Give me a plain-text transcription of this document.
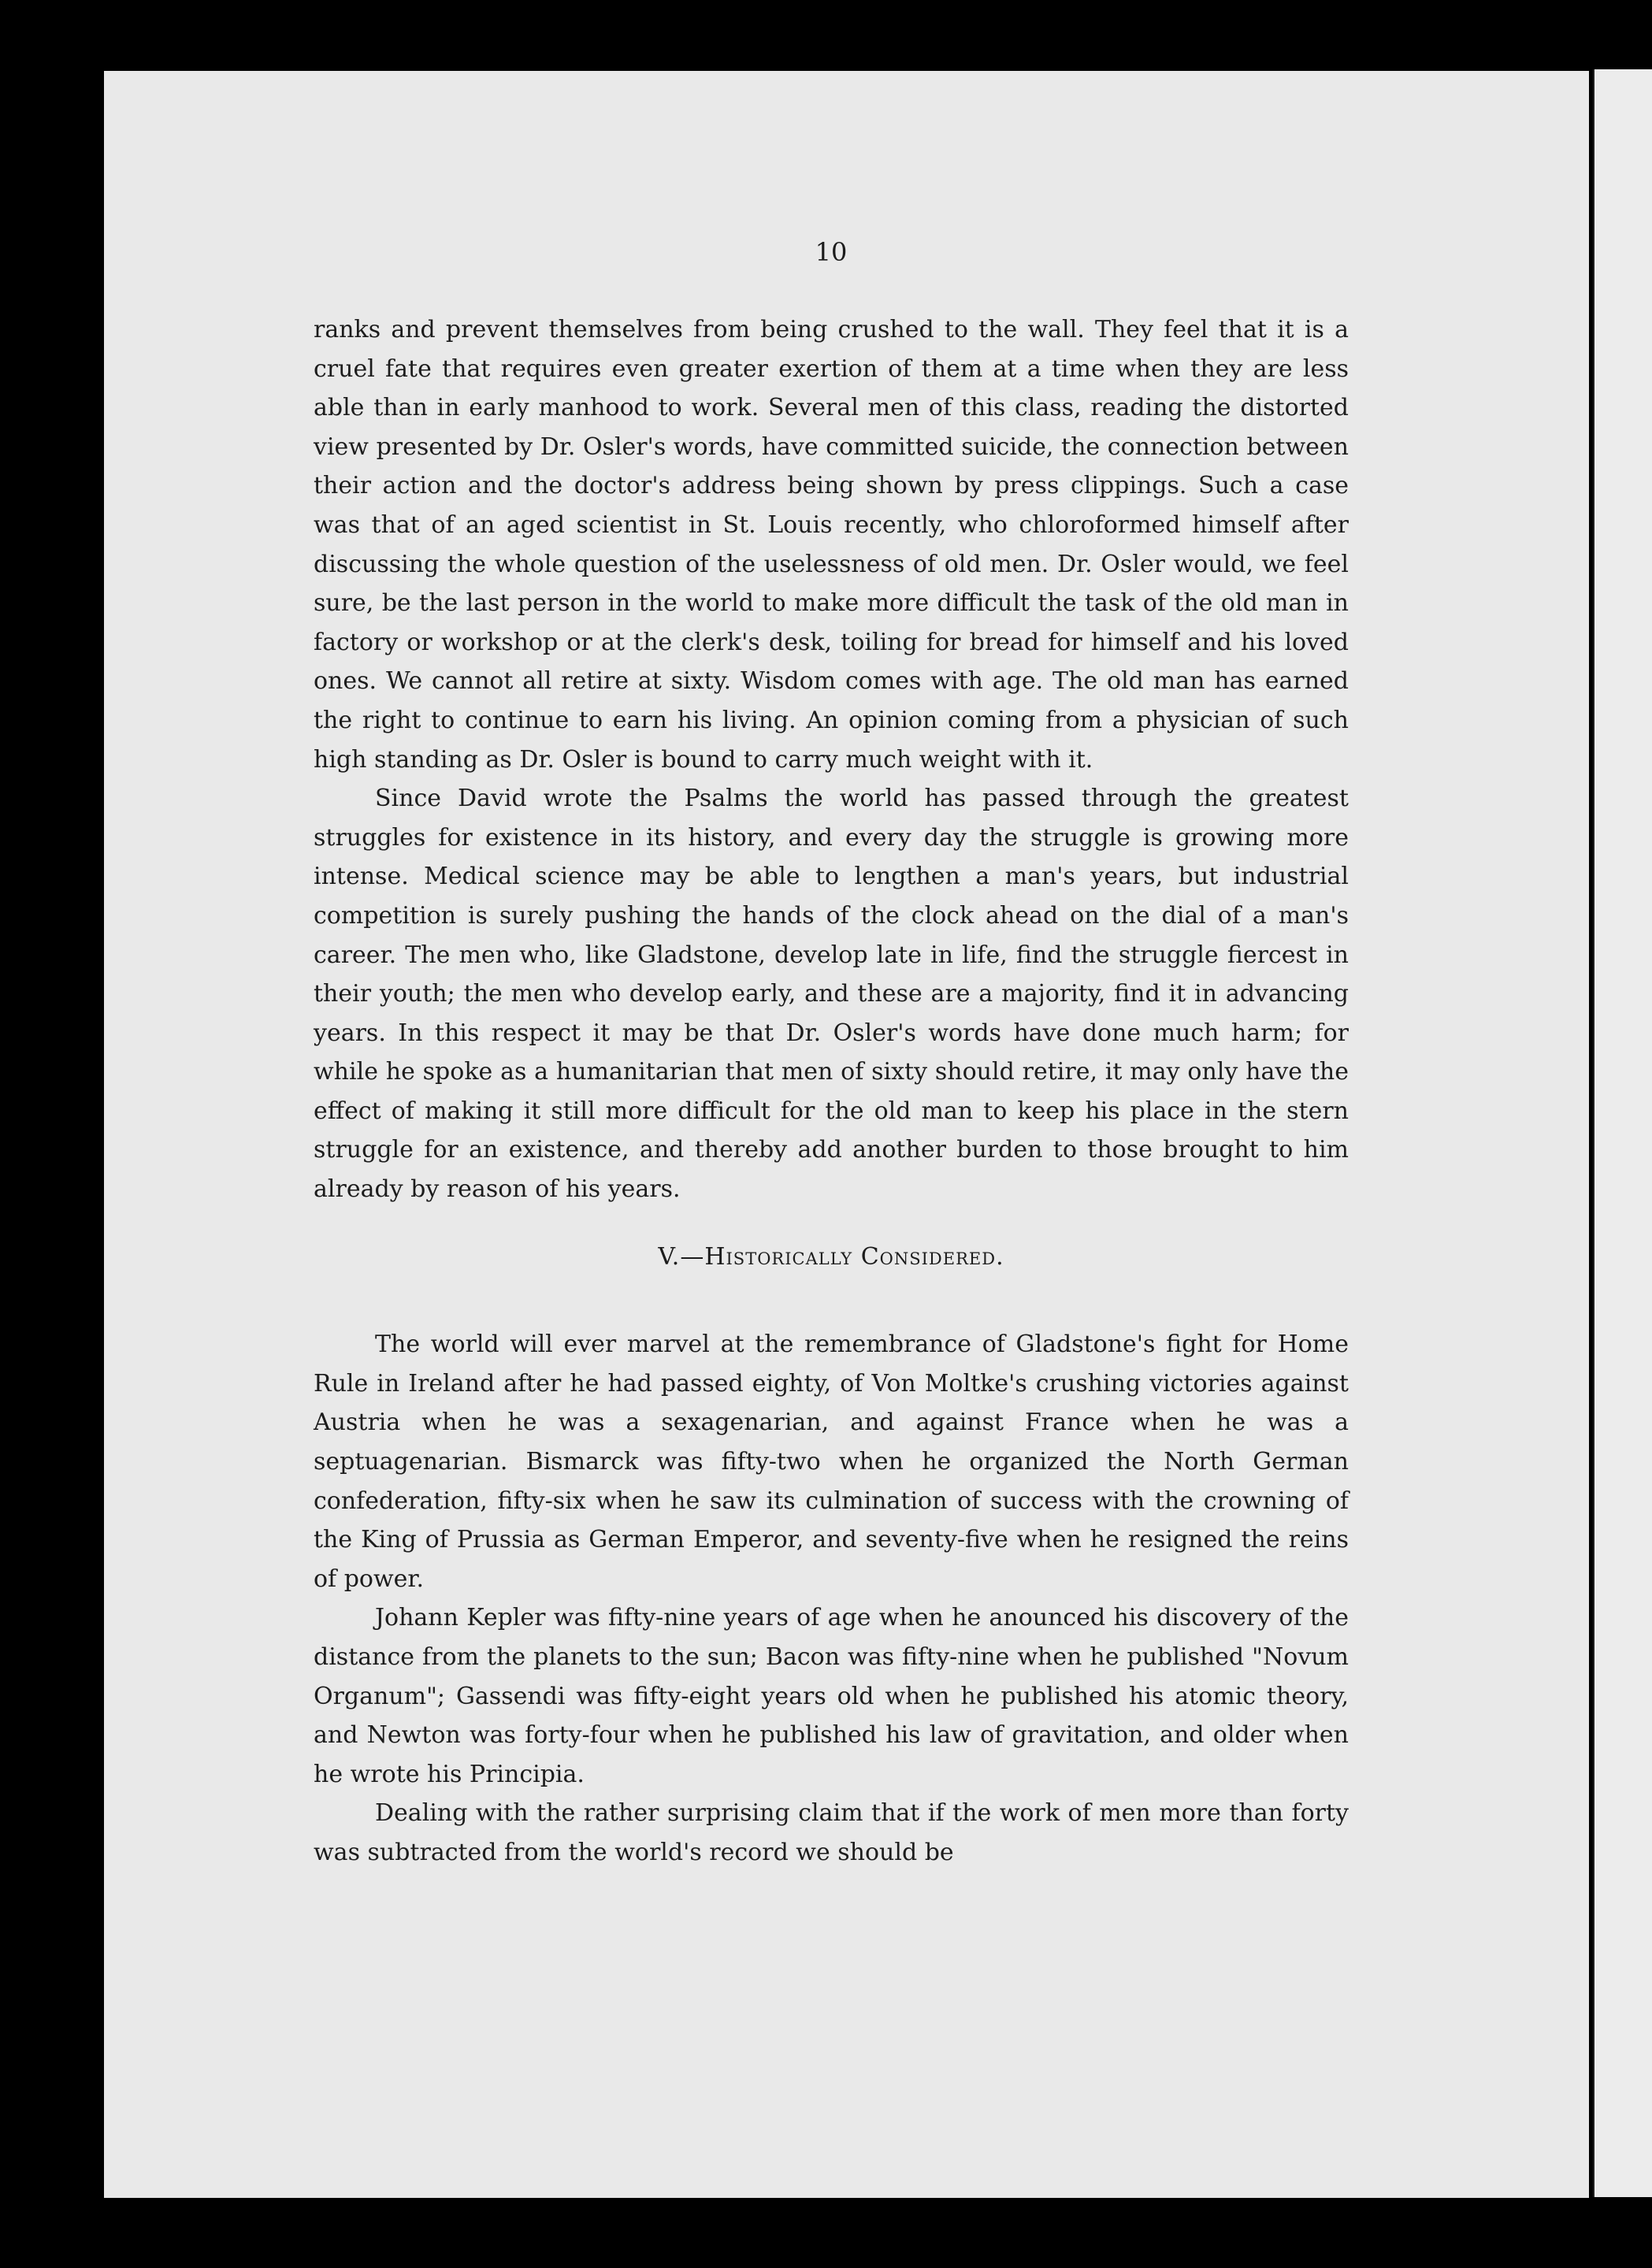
10

ranks and prevent themselves from being crushed to the wall. They feel that it is a cruel fate that requires even greater exertion of them at a time when they are less able than in early manhood to work. Several men of this class, reading the distorted view presented by Dr. Osler's words, have committed suicide, the connection between their action and the doctor's address being shown by press clippings. Such a case was that of an aged scientist in St. Louis recently, who chloroformed himself after discussing the whole question of the uselessness of old men. Dr. Osler would, we feel sure, be the last person in the world to make more difficult the task of the old man in factory or workshop or at the clerk's desk, toiling for bread for himself and his loved ones. We cannot all retire at sixty. Wisdom comes with age. The old man has earned the right to continue to earn his living. An opinion coming from a physician of such high standing as Dr. Osler is bound to carry much weight with it.

Since David wrote the Psalms the world has passed through the greatest struggles for existence in its history, and every day the struggle is growing more intense. Medical science may be able to lengthen a man's years, but industrial competition is surely pushing the hands of the clock ahead on the dial of a man's career. The men who, like Gladstone, develop late in life, find the struggle fiercest in their youth; the men who develop early, and these are a majority, find it in advancing years. In this respect it may be that Dr. Osler's words have done much harm; for while he spoke as a humanitarian that men of sixty should retire, it may only have the effect of making it still more difficult for the old man to keep his place in the stern struggle for an existence, and thereby add another burden to those brought to him already by reason of his years.

V.—Historically Considered.

The world will ever marvel at the remembrance of Gladstone's fight for Home Rule in Ireland after he had passed eighty, of Von Moltke's crushing victories against Austria when he was a sexagenarian, and against France when he was a septuagenarian. Bismarck was fifty-two when he organized the North German confederation, fifty-six when he saw its culmination of success with the crowning of the King of Prussia as German Emperor, and seventy-five when he resigned the reins of power.

Johann Kepler was fifty-nine years of age when he anounced his discovery of the distance from the planets to the sun; Bacon was fifty-nine when he published "Novum Organum"; Gassendi was fifty-eight years old when he published his atomic theory, and Newton was forty-four when he published his law of gravitation, and older when he wrote his Principia.

Dealing with the rather surprising claim that if the work of men more than forty was subtracted from the world's record we should be
